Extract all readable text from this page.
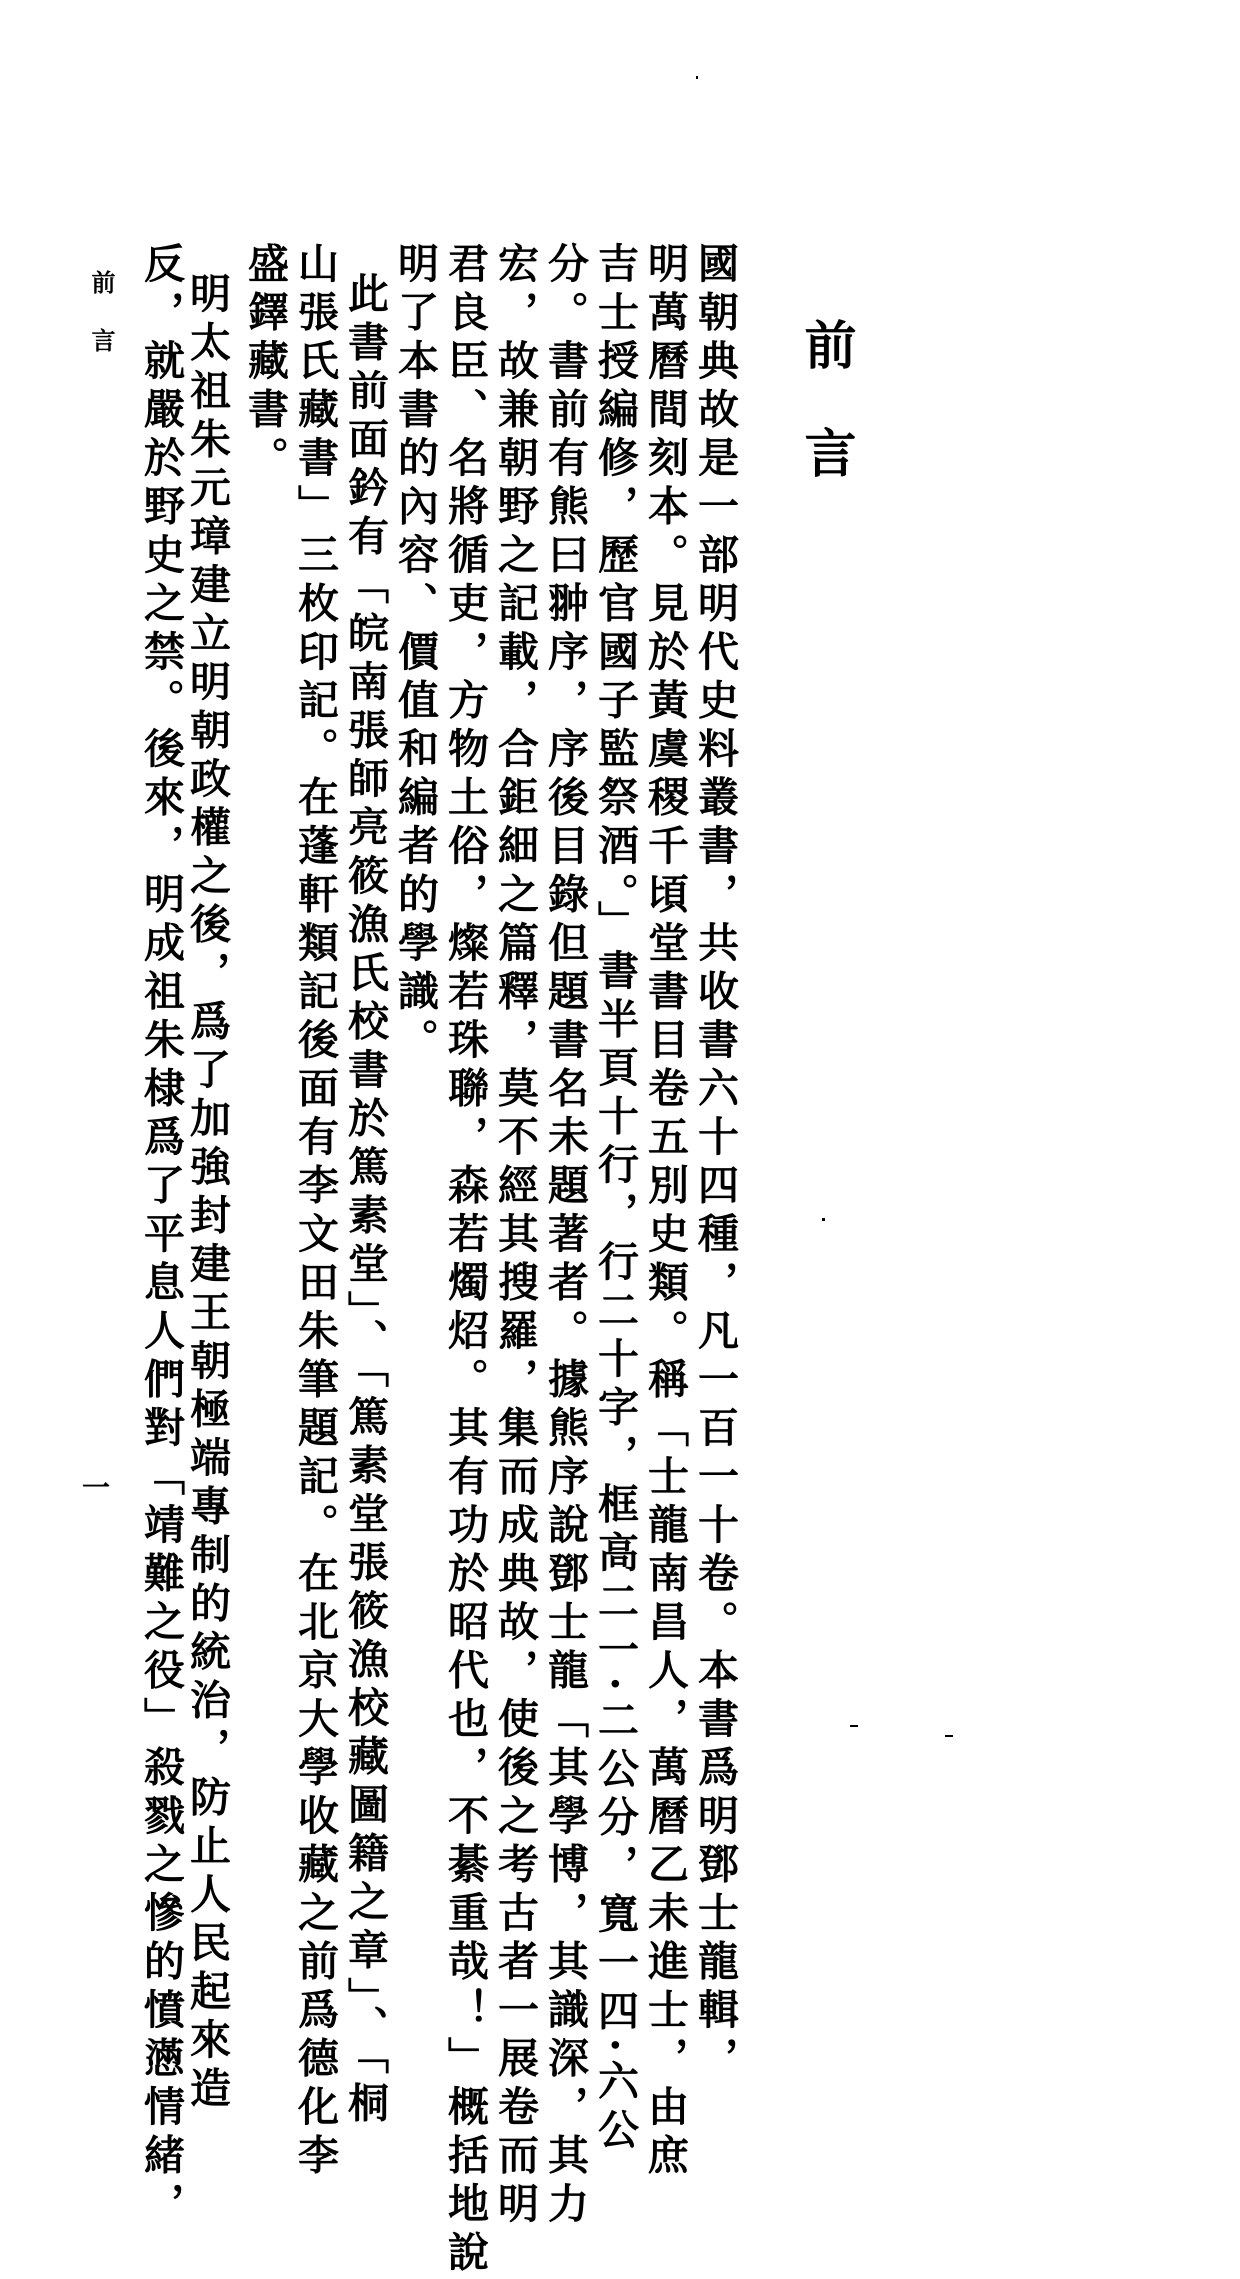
前言
國朝典故是一部明代史料叢書，共收書六十四種，凡一百一十卷。本書爲明鄧士龍輯，
明萬曆間刻本。見於黃虞稷千頃堂書目卷五別史類。稱「士龍南昌人，萬曆乙未進士，由庶
吉士授編修，歷官國子監祭酒。」書半頁十行，行二十字，框高二一·二公分，寬一四·六公
分。書前有熊曰翀序，序後目錄但題書名未題著者。據熊序說鄧士龍「其學博，其識深，其力
宏，故兼朝野之記載，合鉅細之篇釋，莫不經其搜羅，集而成典故，使後之考古者一展卷而明
君良臣、名將循吏，方物土俗，燦若珠聯，森若燭炤。其有功於昭代也，不綦重哉！」概括地說
明了本書的內容、價值和編者的學識。
此書前面鈐有「皖南張師亮筱漁氏校書於篤素堂」、「篤素堂張筱漁校藏圖籍之章」、「桐
山張氏藏書」三枚印記。在蓬軒類記後面有李文田朱筆題記。在北京大學收藏之前爲德化李
盛鐸藏書。
明太祖朱元璋建立明朝政權之後，爲了加強封建王朝極端專制的統治，防止人民起來造
反，就嚴於野史之禁。後來，明成祖朱棣爲了平息人們對「靖難之役」殺戮之慘的憤懣情緒，
前言
一
